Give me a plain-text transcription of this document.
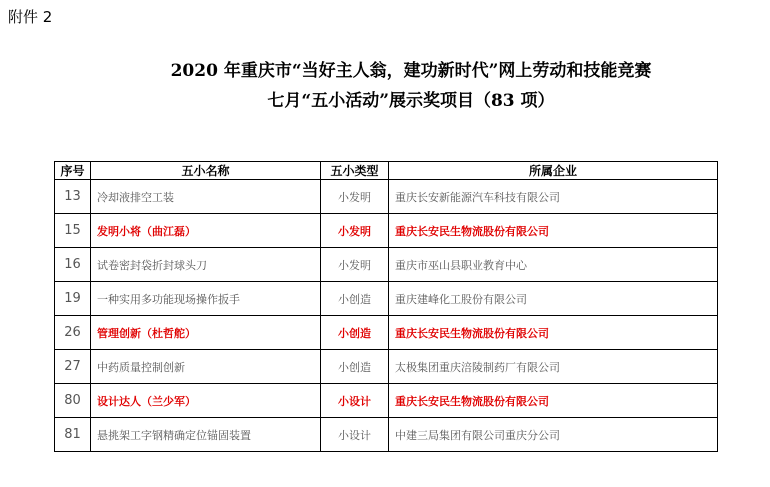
附件 2
2020 年重庆市“当好主人翁，建功新时代”网上劳动和技能竞赛
七月“五小活动”展示奖项目（83 项）
序号	五小名称	五小类型	所属企业
13	冷却液排空工装	小发明	重庆长安新能源汽车科技有限公司
15	发明小将（曲江磊）	小发明	重庆长安民生物流股份有限公司
16	试卷密封袋折封球头刀	小发明	重庆市巫山县职业教育中心
19	一种实用多功能现场操作扳手	小创造	重庆建峰化工股份有限公司
26	管理创新（杜哲舵）	小创造	重庆长安民生物流股份有限公司
27	中药质量控制创新	小创造	太极集团重庆涪陵制药厂有限公司
80	设计达人（兰少军）	小设计	重庆长安民生物流股份有限公司
81	悬挑架工字钢精确定位锚固装置	小设计	中建三局集团有限公司重庆分公司
